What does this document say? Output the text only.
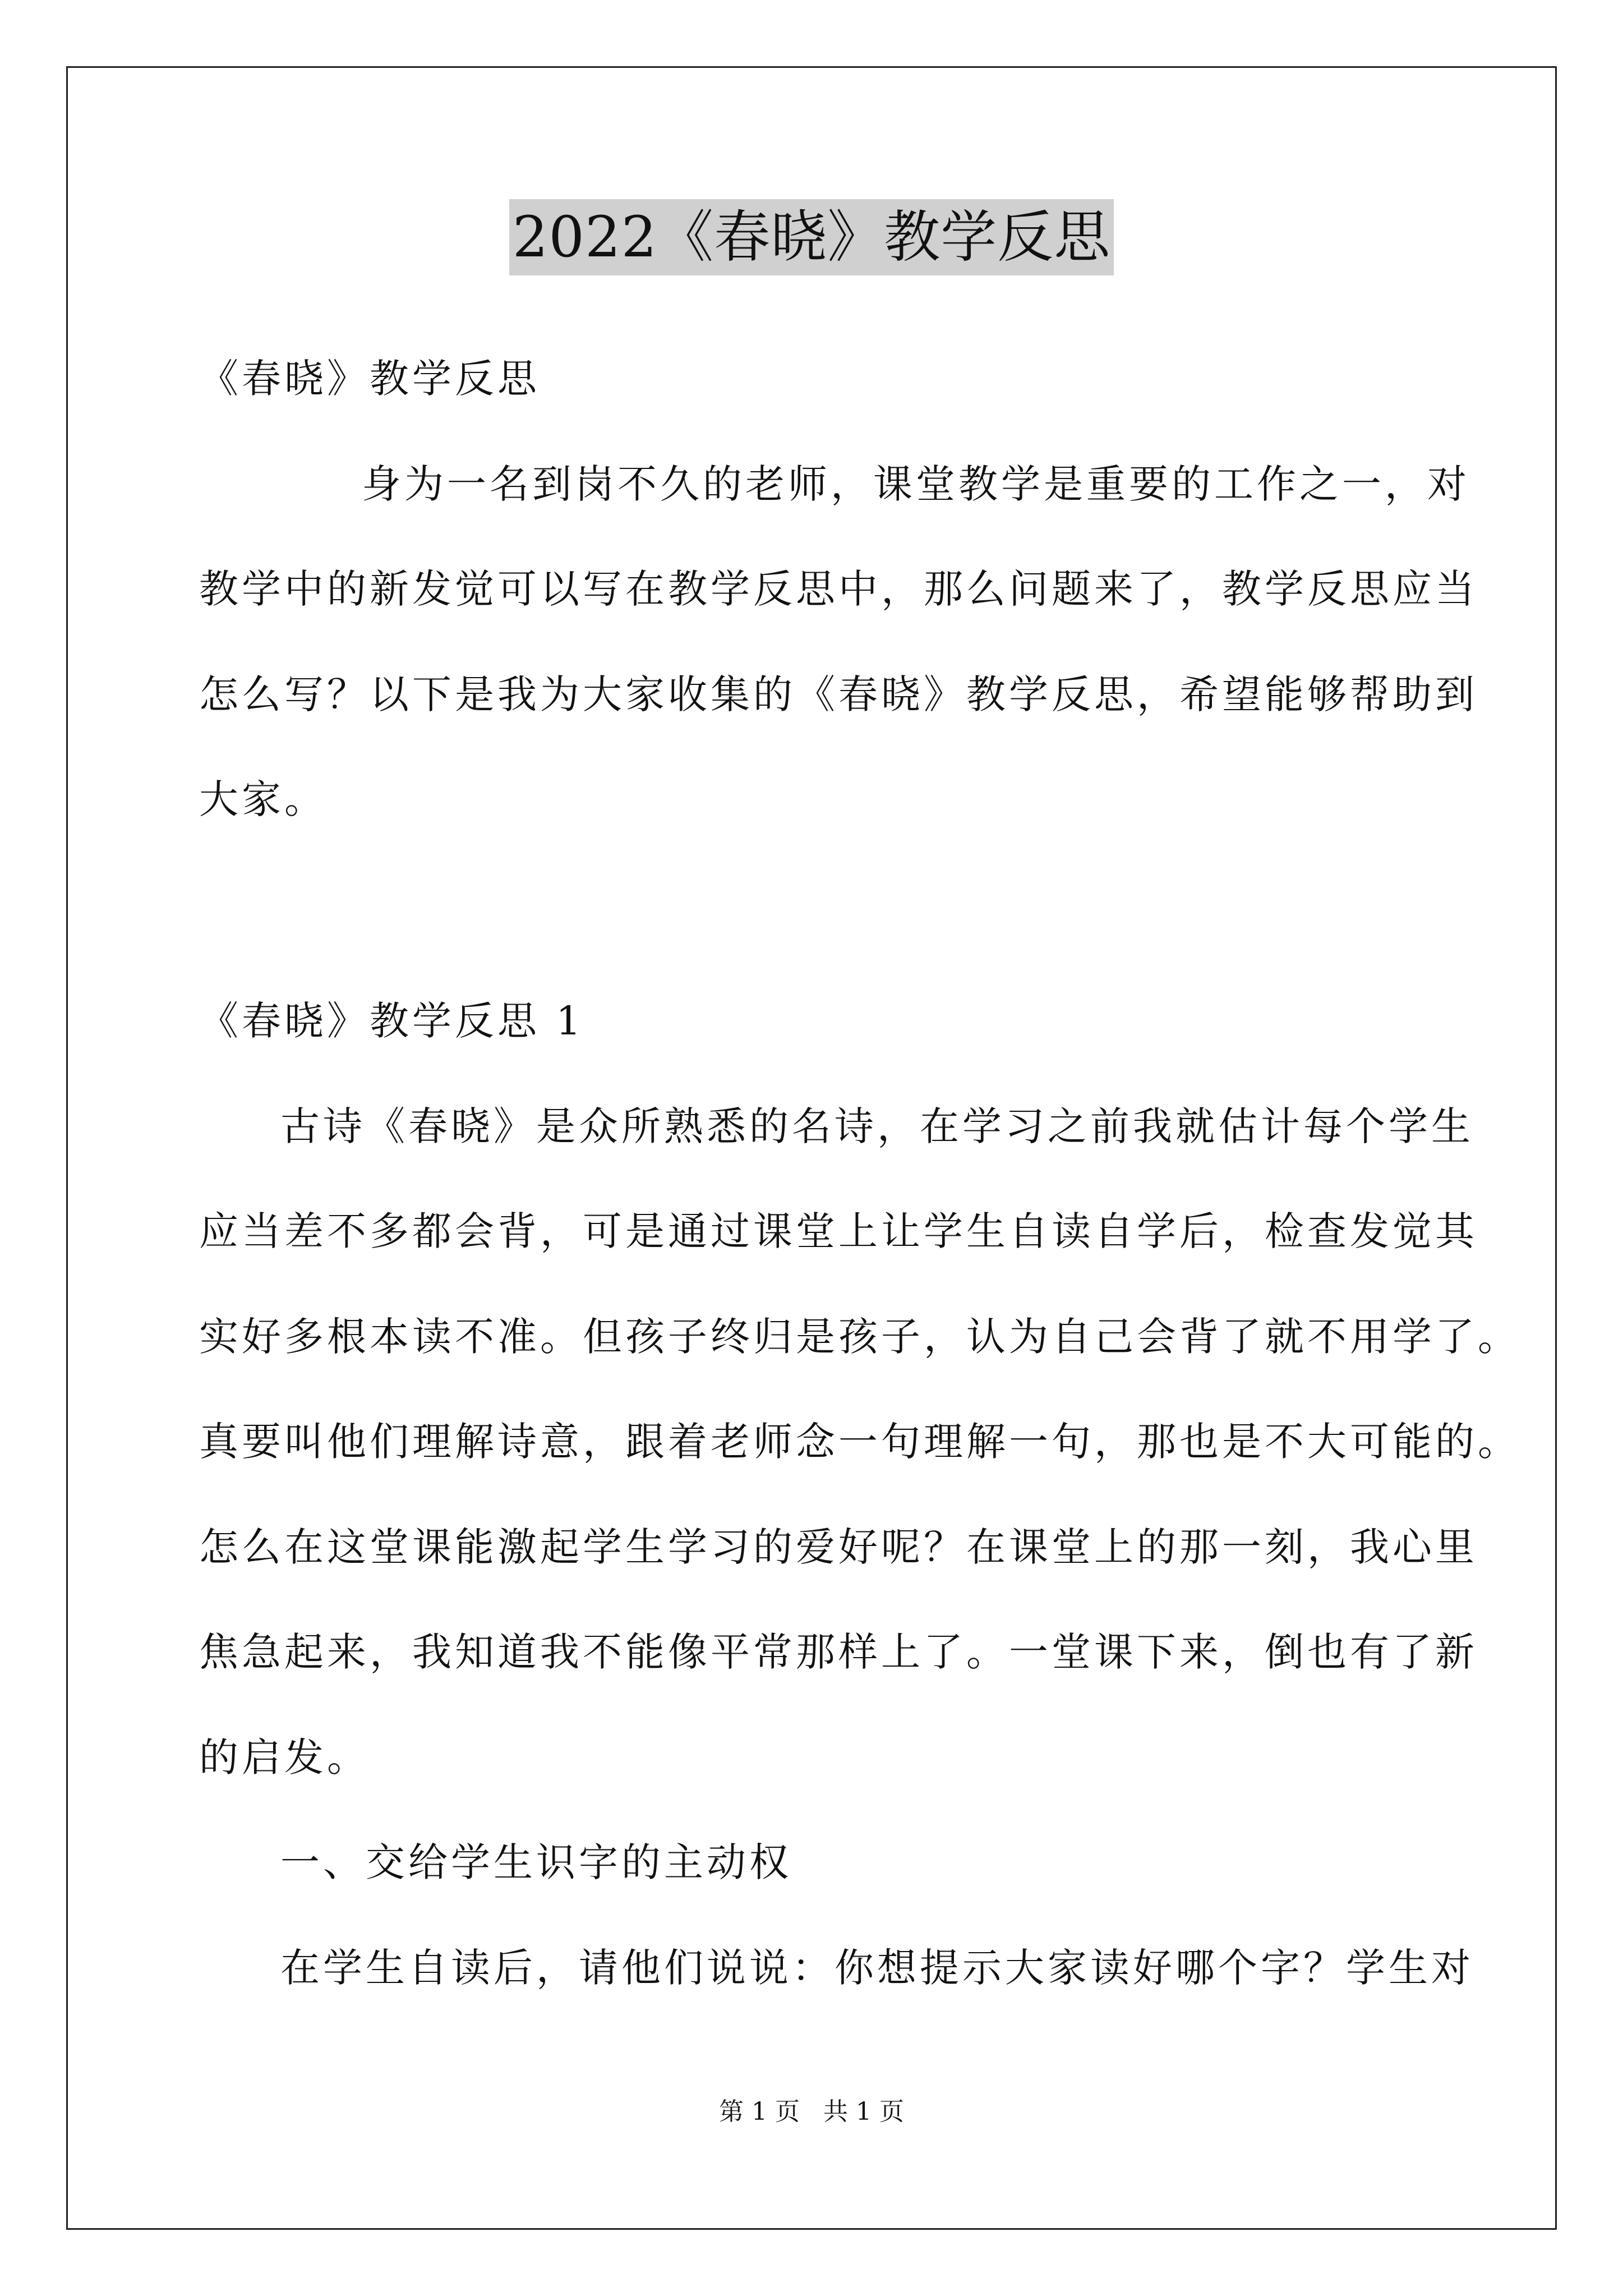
2022《春晓》教学反思
《春晓》教学反思
身为一名到岗不久的老师，课堂教学是重要的工作之一，对
教学中的新发觉可以写在教学反思中，那么问题来了，教学反思应当
怎么写？以下是我为大家收集的《春晓》教学反思，希望能够帮助到
大家。
《春晓》教学反思 1
古诗《春晓》是众所熟悉的名诗，在学习之前我就估计每个学生
应当差不多都会背，可是通过课堂上让学生自读自学后，检查发觉其
实好多根本读不准。但孩子终归是孩子，认为自己会背了就不用学了。
真要叫他们理解诗意，跟着老师念一句理解一句，那也是不大可能的。
怎么在这堂课能激起学生学习的爱好呢？在课堂上的那一刻，我心里
焦急起来，我知道我不能像平常那样上了。一堂课下来，倒也有了新
的启发。
一、交给学生识字的主动权
在学生自读后，请他们说说：你想提示大家读好哪个字？学生对
第 1 页   共 1 页
